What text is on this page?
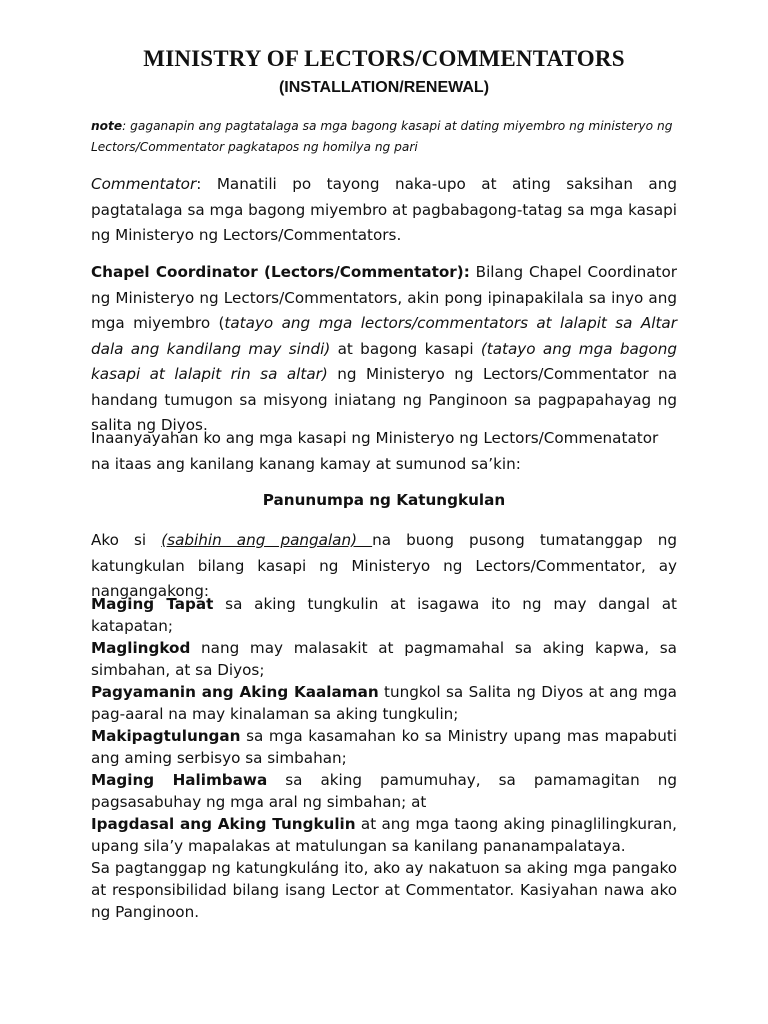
MINISTRY OF LECTORS/COMMENTATORS
(INSTALLATION/RENEWAL)

note: gaganapin ang pagtatalaga sa mga bagong kasapi at dating miyembro ng ministeryo ng Lectors/Commentator pagkatapos ng homilya ng pari

Commentator: Manatili po tayong naka-upo at ating saksihan ang pagtatalaga sa mga bagong miyembro at pagbabagong-tatag sa mga kasapi ng Ministeryo ng Lectors/Commentators.

Chapel Coordinator (Lectors/Commentator): Bilang Chapel Coordinator ng Ministeryo ng Lectors/Commentators, akin pong ipinapakilala sa inyo ang mga miyembro (tatayo ang mga lectors/commentators at lalapit sa Altar dala ang kandilang may sindi) at bagong kasapi (tatayo ang mga bagong kasapi at lalapit rin sa altar) ng Ministeryo ng Lectors/Commentator na handang tumugon sa misyong iniatang ng Panginoon sa pagpapahayag ng salita ng Diyos.

Inaanyayahan ko ang mga kasapi ng Ministeryo ng Lectors/Commenatator na itaas ang kanilang kanang kamay at sumunod sa’kin:

Panunumpa ng Katungkulan

Ako si (sabihin ang pangalan) na buong pusong tumatanggap ng katungkulan bilang kasapi ng Ministeryo ng Lectors/Commentator, ay nangangakong:

Maging Tapat sa aking tungkulin at isagawa ito ng may dangal at katapatan;
Maglingkod nang may malasakit at pagmamahal sa aking kapwa, sa simbahan, at sa Diyos;
Pagyamanin ang Aking Kaalaman tungkol sa Salita ng Diyos at ang mga pag-aaral na may kinalaman sa aking tungkulin;
Makipagtulungan sa mga kasamahan ko sa Ministry upang mas mapabuti ang aming serbisyo sa simbahan;
Maging Halimbawa sa aking pamumuhay, sa pamamagitan ng pagsasabuhay ng mga aral ng simbahan; at
Ipagdasal ang Aking Tungkulin at ang mga taong aking pinaglilingkuran, upang sila’y mapalakas at matulungan sa kanilang pananampalataya.

Sa pagtanggap ng katungkuláng ito, ako ay nakatuon sa aking mga pangako at responsibilidad bilang isang Lector at Commentator. Kasiyahan nawa ako ng Panginoon.
